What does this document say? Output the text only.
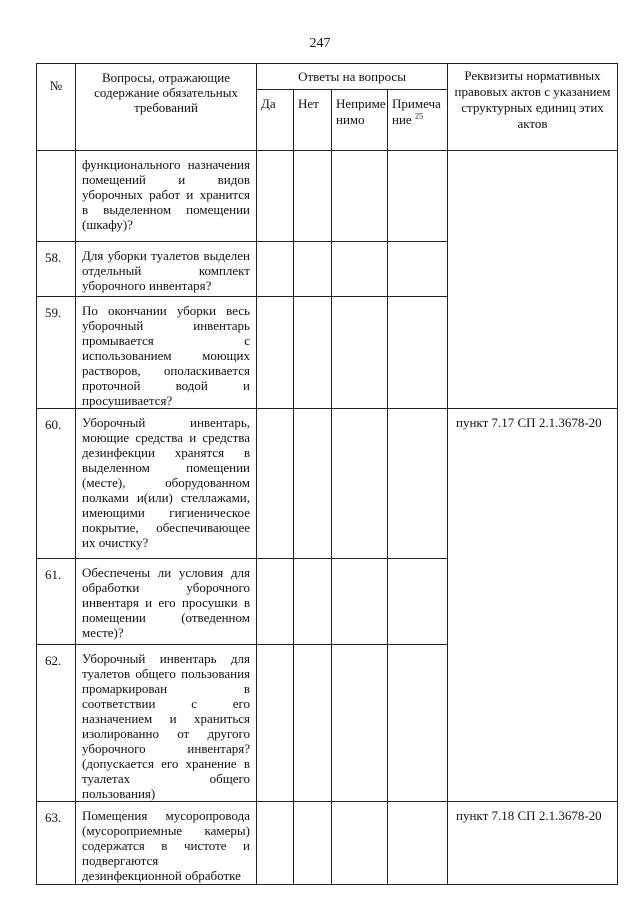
247
№	Вопросы, отражающие содержание обязательных требований	Ответы на вопросы				Реквизиты нормативных правовых актов с указанием структурных единиц этих актов
		Да	Нет	Неприме нимо	Примеча ние $^{25}$
	функционального назначения помещений и видов уборочных работ и хранится в выделенном помещении (шкафу)?					
58.	Для уборки туалетов выделен отдельный комплект уборочного инвентаря?					
59.	По окончании уборки весь уборочный инвентарь промывается с использованием моющих растворов, ополаскивается проточной водой и просушивается?					
60.	Уборочный инвентарь, моющие средства и средства дезинфекции хранятся в выделенном помещении (месте), оборудованном полками и(или) стеллажами, имеющими гигиеническое покрытие, обеспечивающее их очистку?					пункт 7.17 СП 2.1.3678-20
61.	Обеспечены ли условия для обработки уборочного инвентаря и его просушки в помещении (отведенном месте)?					
62.	Уборочный инвентарь для туалетов общего пользования промаркирован в соответствии с его назначением и храниться изолированно от другого уборочного инвентаря? (допускается его хранение в туалетах общего пользования)					
63.	Помещения мусоропровода (мусороприемные камеры) содержатся в чистоте и подвергаются дезинфекционной обработке					пункт 7.18 СП 2.1.3678-20
